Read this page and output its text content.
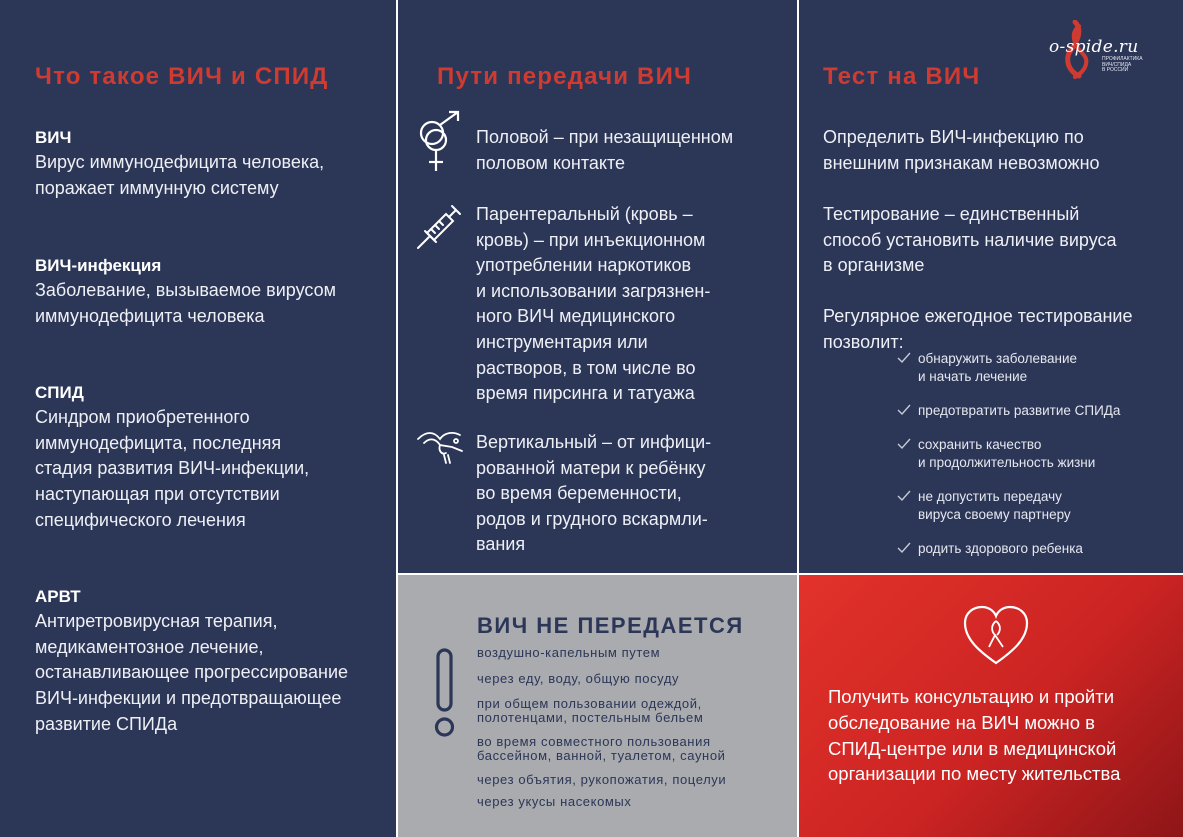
Что такое ВИЧ и СПИД
ВИЧ
Вирус иммунодефицита человека,
поражает иммунную систему
ВИЧ-инфекция
Заболевание, вызываемое вирусом
иммунодефицита человека
СПИД
Синдром приобретенного
иммунодефицита, последняя
стадия развития ВИЧ-инфекции,
наступающая при отсутствии
специфического лечения
АРВТ
Антиретровирусная терапия,
медикаментозное лечение,
останавливающее прогрессирование
ВИЧ-инфекции и предотвращающее
развитие СПИДа
Пути передачи ВИЧ
Половой – при незащищенном
половом контакте
Парентеральный (кровь –
кровь) – при инъекционном
употреблении наркотиков
и использовании загрязнен-
ного ВИЧ медицинского
инструментария или
растворов, в том числе во
время пирсинга и татуажа
Вертикальный – от инфици-
рованной матери к ребёнку
во время беременности,
родов и грудного вскармли-
вания
o-spide.ru
ПРОФИЛАКТИКА
ВИЧ/СПИДА
В РОССИИ
Тест на ВИЧ
Определить ВИЧ-инфекцию по
внешним признакам невозможно
Тестирование – единственный
способ установить наличие вируса
в организме
Регулярное ежегодное тестирование
позволит:
обнаружить заболевание
и начать лечение
предотвратить развитие СПИДа
сохранить качество
и продолжительность жизни
не допустить передачу
вируса своему партнеру
родить здорового ребенка
ВИЧ НЕ ПЕРЕДАЕТСЯ
воздушно-капельным путем
через еду, воду, общую посуду
при общем пользовании одеждой,
полотенцами, постельным бельем
во время совместного пользования
бассейном, ванной, туалетом, сауной
через объятия, рукопожатия, поцелуи
через укусы насекомых
Получить консультацию и пройти
обследование на ВИЧ можно в
СПИД-центре или в медицинской
организации по месту жительства
